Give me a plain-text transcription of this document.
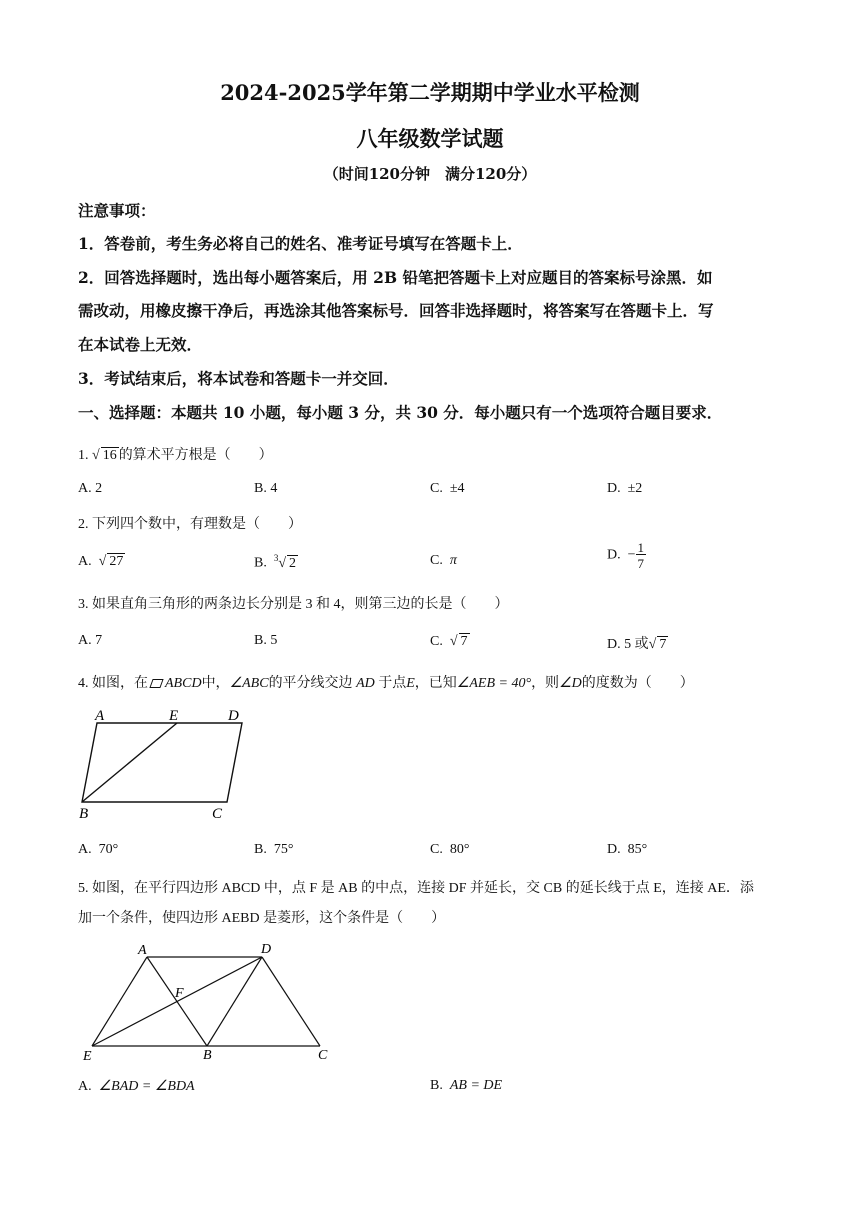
2024-2025学年第二学期期中学业水平检测
八年级数学试题
（时间120分钟　满分120分）
注意事项：
1．答卷前，考生务必将自己的姓名、准考证号填写在答题卡上．
2．回答选择题时，选出每小题答案后，用 2B 铅笔把答题卡上对应题目的答案标号涂黑．如
需改动，用橡皮擦干净后，再选涂其他答案标号．回答非选择题时，将答案写在答题卡上．写
在本试卷上无效．
3．考试结束后，将本试卷和答题卡一并交回．
一、选择题：本题共 10 小题，每小题 3 分，共 30 分．每小题只有一个选项符合题目要求．
1. √ 16 的算术平方根是（　　）
A. 2	B. 4	C. ±4	D. ±2
2. 下列四个数中，有理数是（　　）
A. √ 27	B. $^3$√ 2	C. π	D. − $\frac{1}{7}$
3. 如果直角三角形的两条边长分别是 3 和 4，则第三边的长是（　　）
A. 7	B. 5	C. √ 7	D. 5 或√ 7
4. 如图，在 ABCD中，∠ABC的平分线交边 AD 于点E，已知∠AEB = 40°，则∠D的度数为（　　）
A	E	D
B	C
A. 70°	B. 75°	C. 80°	D. 85°
5. 如图，在平行四边形 ABCD 中，点 F 是 AB 的中点，连接 DF 并延长，交 CB 的延长线于点 E，连接 AE．添
加一个条件，使四边形 AEBD 是菱形，这个条件是（　　）
A	D
F
E	B	C
A. ∠BAD = ∠BDA	B. AB = DE
